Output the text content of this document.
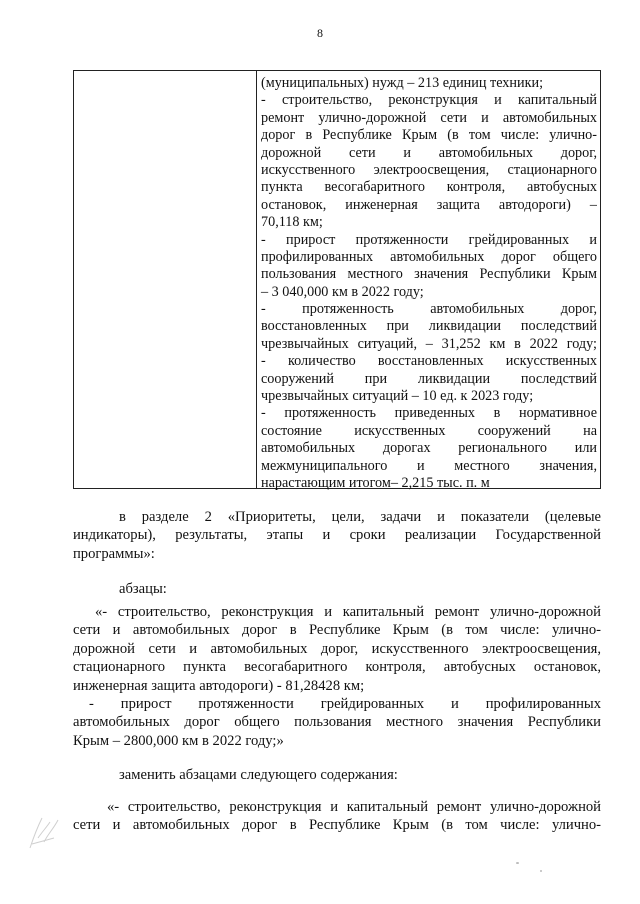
8
(муниципальных) нужд – 213 единиц техники;
- строительство, реконструкция и капитальный
ремонт улично-дорожной сети и автомобильных
дорог в Республике Крым (в том числе: улично-
дорожной сети и автомобильных дорог,
искусственного электроосвещения, стационарного
пункта весогабаритного контроля, автобусных
остановок, инженерная защита автодороги) –
70,118 км;
- прирост протяженности грейдированных и
профилированных автомобильных дорог общего
пользования местного значения Республики Крым
– 3 040,000 км в 2022 году;
- протяженность автомобильных дорог,
восстановленных при ликвидации последствий
чрезвычайных ситуаций, – 31,252 км в 2022 году;
- количество восстановленных искусственных
сооружений при ликвидации последствий
чрезвычайных ситуаций – 10 ед. к 2023 году;
- протяженность приведенных в нормативное
состояние искусственных сооружений на
автомобильных дорогах регионального или
межмуниципального и местного значения,
нарастающим итогом– 2,215 тыс. п. м
в разделе 2 «Приоритеты, цели, задачи и показатели (целевые
индикаторы), результаты, этапы и сроки реализации Государственной
программы»:
абзацы:
«- строительство, реконструкция и капитальный ремонт улично-дорожной
сети и автомобильных дорог в Республике Крым (в том числе: улично-
дорожной сети и автомобильных дорог, искусственного электроосвещения,
стационарного пункта весогабаритного контроля, автобусных остановок,
инженерная защита автодороги) - 81,28428 км;
- прирост протяженности грейдированных и профилированных
автомобильных дорог общего пользования местного значения Республики
Крым – 2800,000 км в 2022 году;»
заменить абзацами следующего содержания:
«- строительство, реконструкция и капитальный ремонт улично-дорожной
сети и автомобильных дорог в Республике Крым (в том числе: улично-
